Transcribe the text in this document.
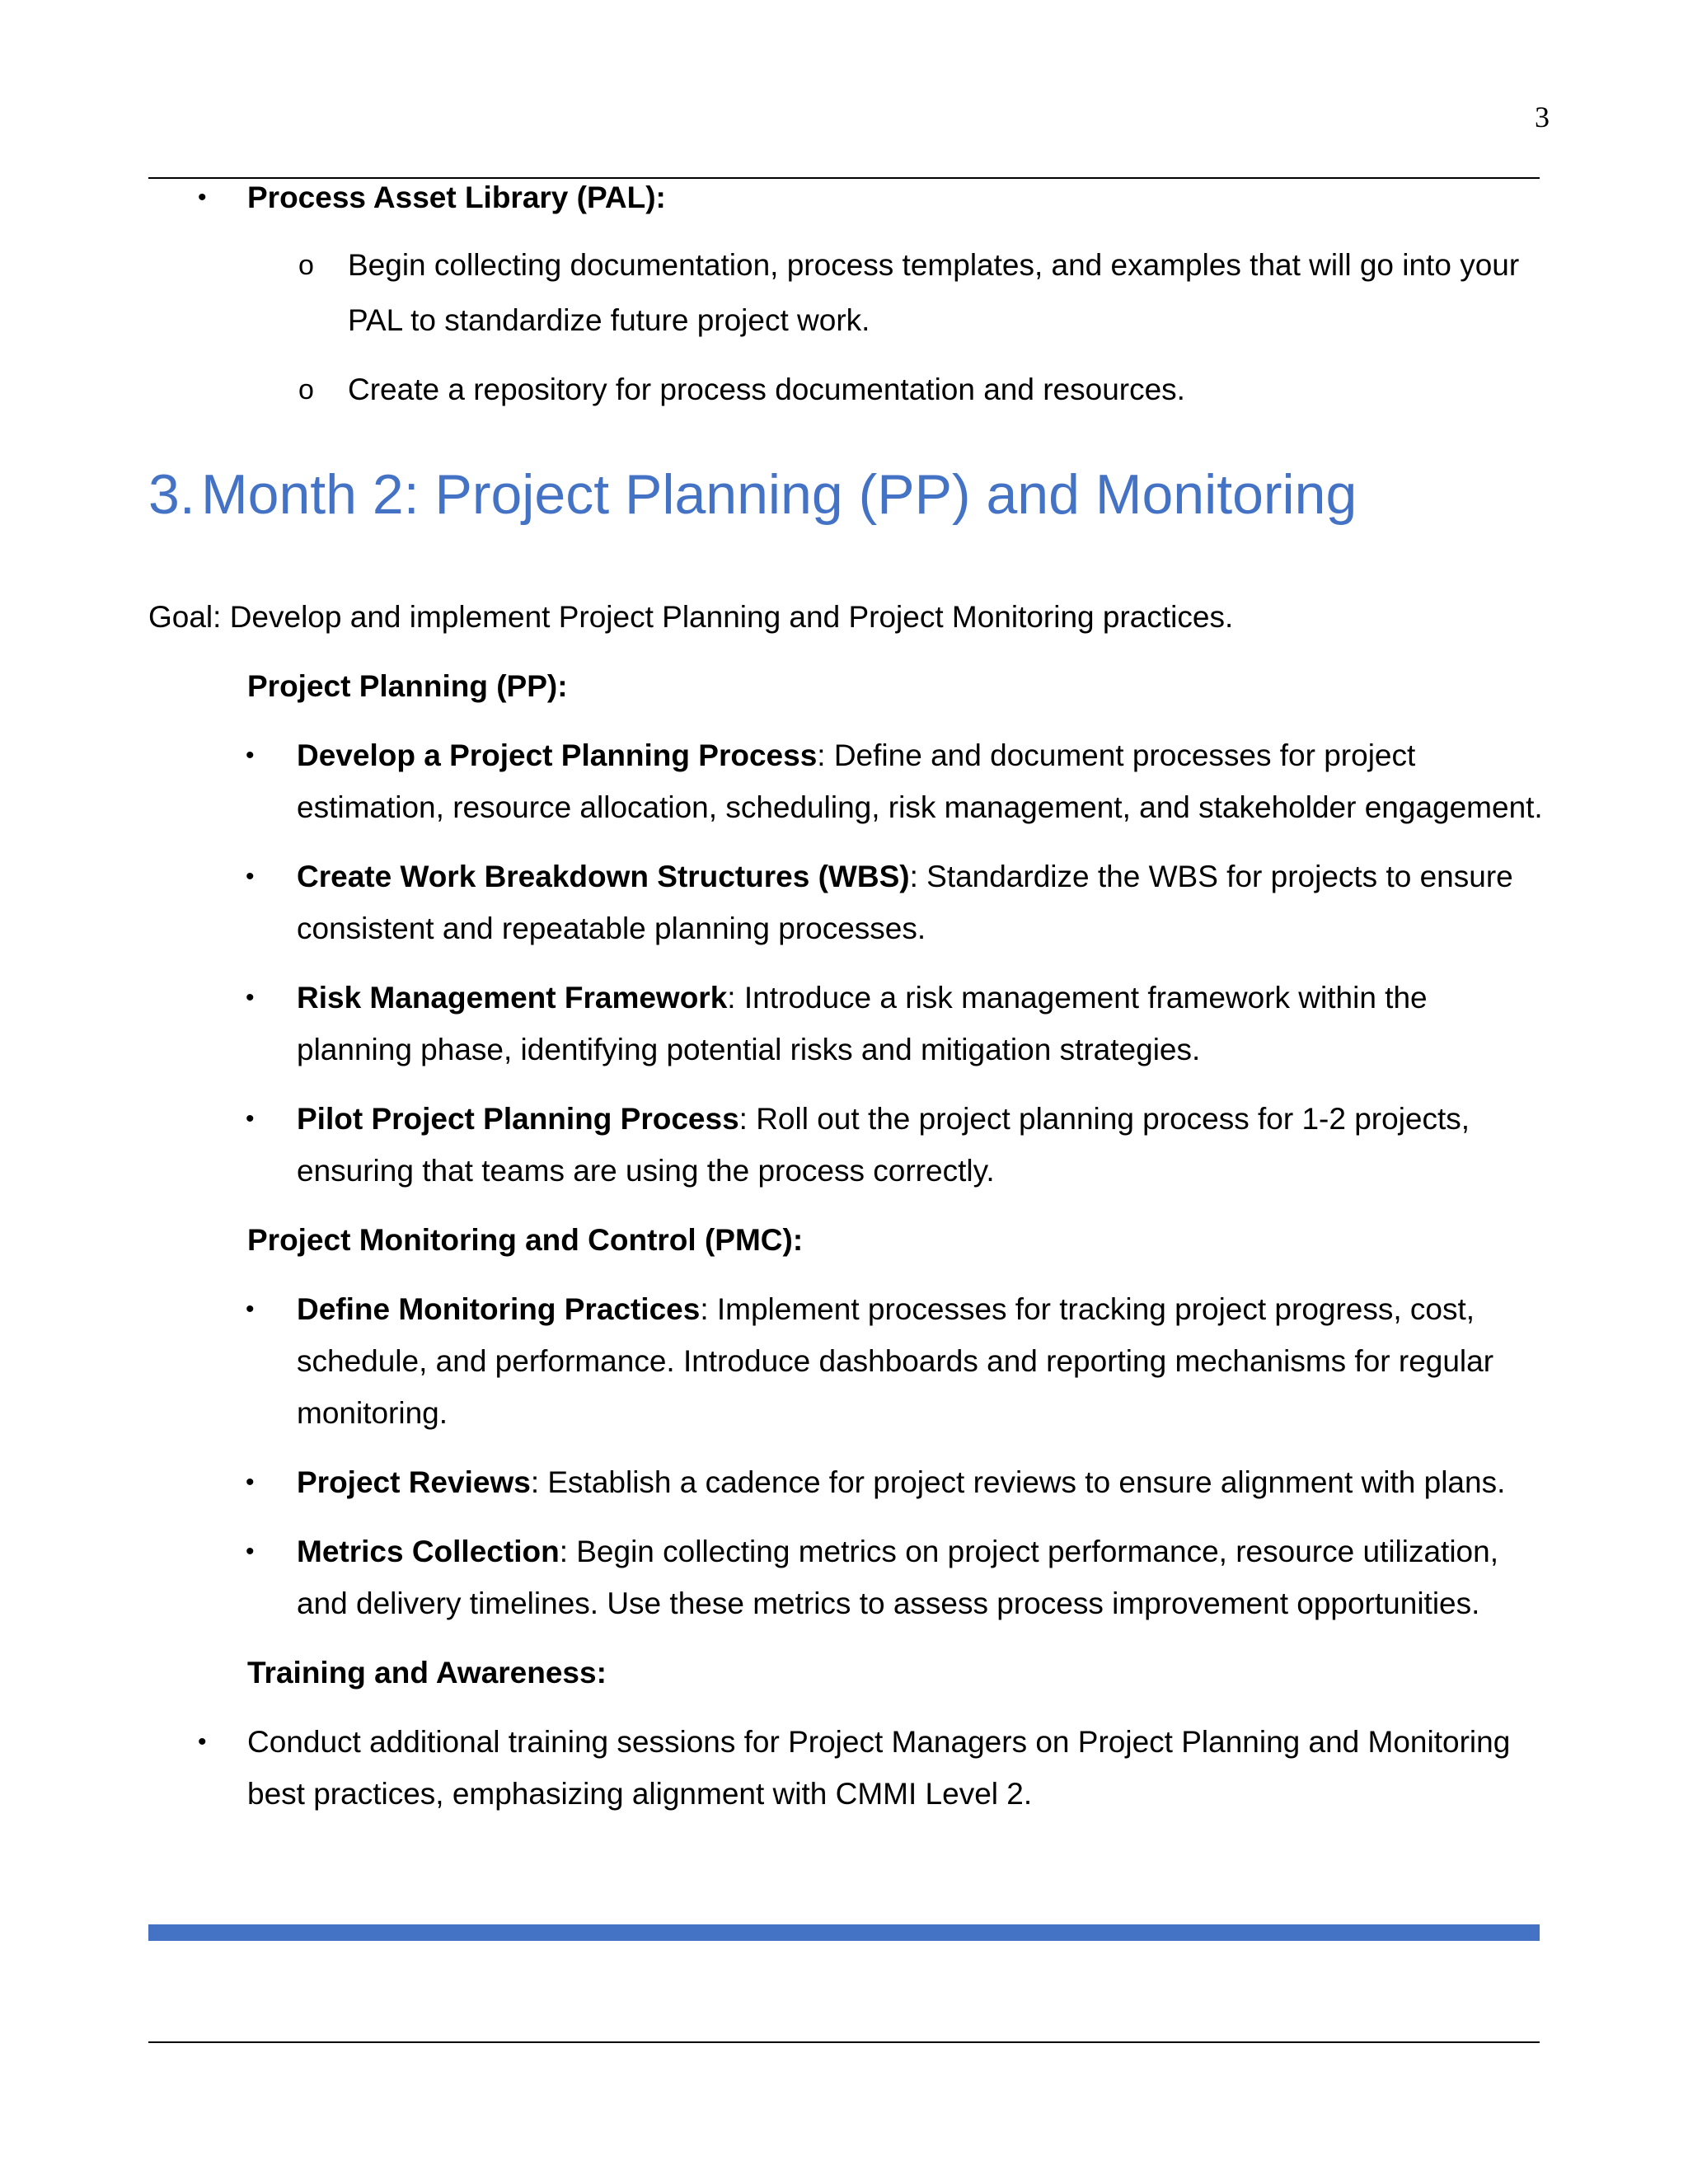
3
• Process Asset Library (PAL):
o Begin collecting documentation, process templates, and examples that will go into your
PAL to standardize future project work.
o Create a repository for process documentation and resources.
3. Month 2: Project Planning (PP) and Monitoring
Goal: Develop and implement Project Planning and Project Monitoring practices.
Project Planning (PP):
• Develop a Project Planning Process: Define and document processes for project
estimation, resource allocation, scheduling, risk management, and stakeholder engagement.
• Create Work Breakdown Structures (WBS): Standardize the WBS for projects to ensure
consistent and repeatable planning processes.
• Risk Management Framework: Introduce a risk management framework within the
planning phase, identifying potential risks and mitigation strategies.
• Pilot Project Planning Process: Roll out the project planning process for 1-2 projects,
ensuring that teams are using the process correctly.
Project Monitoring and Control (PMC):
• Define Monitoring Practices: Implement processes for tracking project progress, cost,
schedule, and performance. Introduce dashboards and reporting mechanisms for regular
monitoring.
• Project Reviews: Establish a cadence for project reviews to ensure alignment with plans.
• Metrics Collection: Begin collecting metrics on project performance, resource utilization,
and delivery timelines. Use these metrics to assess process improvement opportunities.
Training and Awareness:
• Conduct additional training sessions for Project Managers on Project Planning and Monitoring
best practices, emphasizing alignment with CMMI Level 2.
